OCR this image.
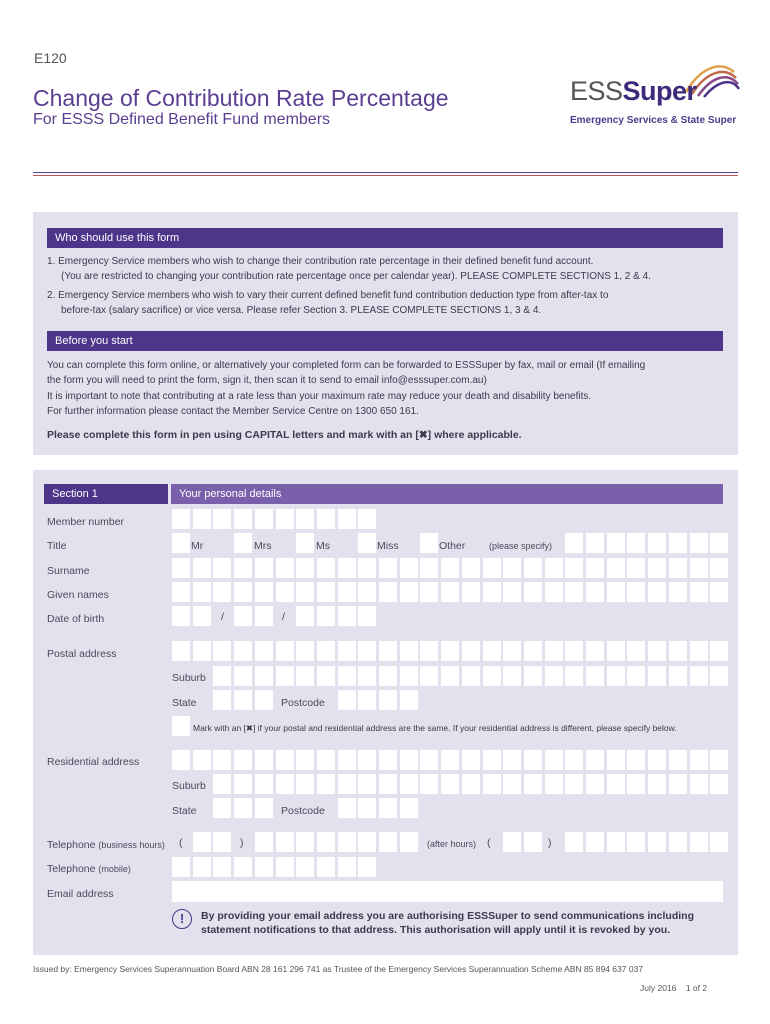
E120
Change of Contribution Rate Percentage
For ESSS Defined Benefit Fund members
ESSSuper
Emergency Services & State Super
Who should use this form
1. Emergency Service members who wish to change their contribution rate percentage in their defined benefit fund account.
(You are restricted to changing your contribution rate percentage once per calendar year). PLEASE COMPLETE SECTIONS 1, 2 & 4.
2. Emergency Service members who wish to vary their current defined benefit fund contribution deduction type from after-tax to
before-tax (salary sacrifice) or vice versa. Please refer Section 3. PLEASE COMPLETE SECTIONS 1, 3 & 4.
Before you start
You can complete this form online, or alternatively your completed form can be forwarded to ESSSuper by fax, mail or email (If emailing
the form you will need to print the form, sign it, then scan it to send to email info@esssuper.com.au)
It is important to note that contributing at a rate less than your maximum rate may reduce your death and disability benefits.
For further information please contact the Member Service Centre on 1300 650 161.
Please complete this form in pen using CAPITAL letters and mark with an [✖] where applicable.
Section 1	Your personal details
Member number
Title	Mr	Mrs	Ms	Miss	Other	(please specify)
Surname
Given names
Date of birth	/	/
Postal address
Suburb
State	Postcode
Mark with an [✖] if your postal and residential address are the same. If your residential address is different, please specify below.
Residential address
Suburb
State	Postcode
Telephone (business hours) (	)	(after hours) (	)
Telephone (mobile)
Email address
!	By providing your email address you are authorising ESSSuper to send communications including
statement notifications to that address. This authorisation will apply until it is revoked by you.
Issued by: Emergency Services Superannuation Board ABN 28 161 296 741 as Trustee of the Emergency Services Superannuation Scheme ABN 85 894 637 037
July 2016 1 of 2
